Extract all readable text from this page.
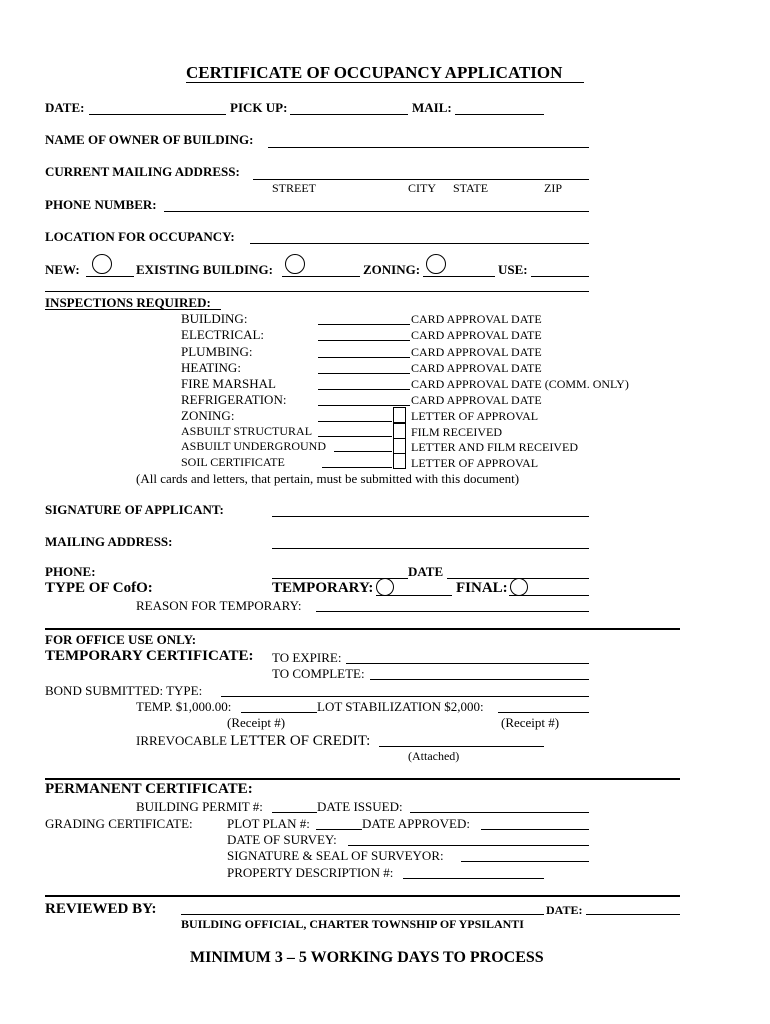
CERTIFICATE OF OCCUPANCY APPLICATION
DATE:	PICK UP:	MAIL:
NAME OF OWNER OF BUILDING:
CURRENT MAILING ADDRESS:
STREET	CITY STATE	ZIP
PHONE NUMBER:
LOCATION FOR OCCUPANCY:
NEW:	EXISTING BUILDING:	ZONING:	USE:
INSPECTIONS REQUIRED:
BUILDING:	CARD APPROVAL DATE
ELECTRICAL:	CARD APPROVAL DATE
PLUMBING:	CARD APPROVAL DATE
HEATING:	CARD APPROVAL DATE
FIRE MARSHAL	CARD APPROVAL DATE (COMM. ONLY)
REFRIGERATION:	CARD APPROVAL DATE
ZONING:	LETTER OF APPROVAL
ASBUILT STRUCTURAL	FILM RECEIVED
ASBUILT UNDERGROUND	LETTER AND FILM RECEIVED
SOIL CERTIFICATE	LETTER OF APPROVAL
(All cards and letters, that pertain, must be submitted with this document)
SIGNATURE OF APPLICANT:
MAILING ADDRESS:
PHONE:	DATE
TYPE OF CofO:	TEMPORARY:	FINAL:
REASON FOR TEMPORARY:
FOR OFFICE USE ONLY:
TEMPORARY CERTIFICATE: TO EXPIRE:
TO COMPLETE:
BOND SUBMITTED: TYPE:
TEMP. $1,000.00:	LOT STABILIZATION $2,000:
(Receipt #)	(Receipt #)
IRREVOCABLE LETTER OF CREDIT:
(Attached)
PERMANENT CERTIFICATE:
BUILDING PERMIT #:	DATE ISSUED:
GRADING CERTIFICATE:	PLOT PLAN #:	DATE APPROVED:
DATE OF SURVEY:
SIGNATURE & SEAL OF SURVEYOR:
PROPERTY DESCRIPTION #:
REVIEWED BY:	DATE:
BUILDING OFFICIAL, CHARTER TOWNSHIP OF YPSILANTI
MINIMUM 3 – 5 WORKING DAYS TO PROCESS
